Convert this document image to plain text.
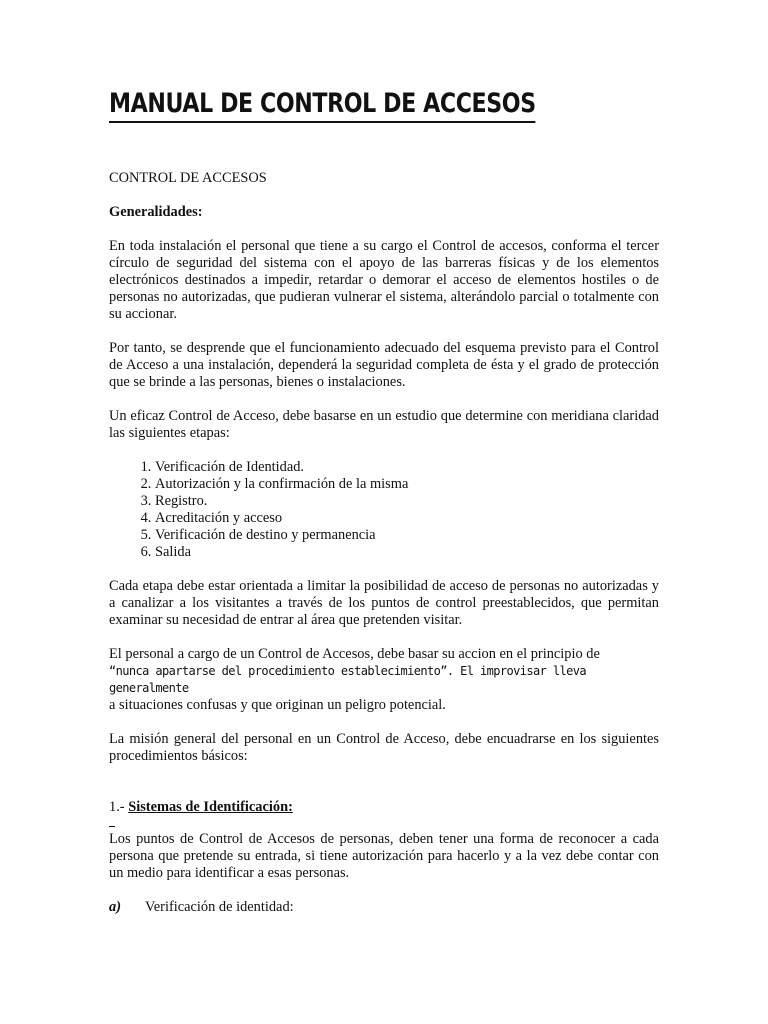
MANUAL DE CONTROL DE ACCESOS
CONTROL DE ACCESOS
Generalidades:

En toda instalación el personal que tiene a su cargo el Control de accesos, conforma el tercer círculo de seguridad del sistema con el apoyo de las barreras físicas y de los elementos electrónicos destinados a impedir, retardar o demorar el acceso de elementos hostiles o de personas no autorizadas, que pudieran vulnerar el sistema, alterándolo parcial o totalmente con su accionar.

Por tanto, se desprende que el funcionamiento adecuado del esquema previsto para el Control de Acceso a una instalación, dependerá la seguridad completa de ésta y el grado de protección que se brinde a las personas, bienes o instalaciones.

Un eficaz Control de Acceso, debe basarse en un estudio que determine con meridiana claridad las siguientes etapas:

1. Verificación de Identidad.
2. Autorización y la confirmación de la misma
3. Registro.
4. Acreditación y acceso
5. Verificación de destino y permanencia
6. Salida

Cada etapa debe estar orientada a limitar la posibilidad de acceso de personas no autorizadas y a canalizar a los visitantes a través de los puntos de control preestablecidos, que permitan examinar su necesidad de entrar al área que pretenden visitar.

El personal a cargo de un Control de Accesos, debe basar su accion en el principio de
“nunca apartarse del procedimiento establecimiento”. El improvisar lleva generalmente
a situaciones confusas y que originan un peligro potencial.

La misión general del personal en un Control de Acceso, debe encuadrarse en los siguientes procedimientos básicos:

1.- Sistemas de Identificación:

Los puntos de Control de Accesos de personas, deben tener una forma de reconocer a cada persona que pretende su entrada, si tiene autorización para hacerlo y a la vez debe contar con un medio para identificar a esas personas.

a) Verificación de identidad:
